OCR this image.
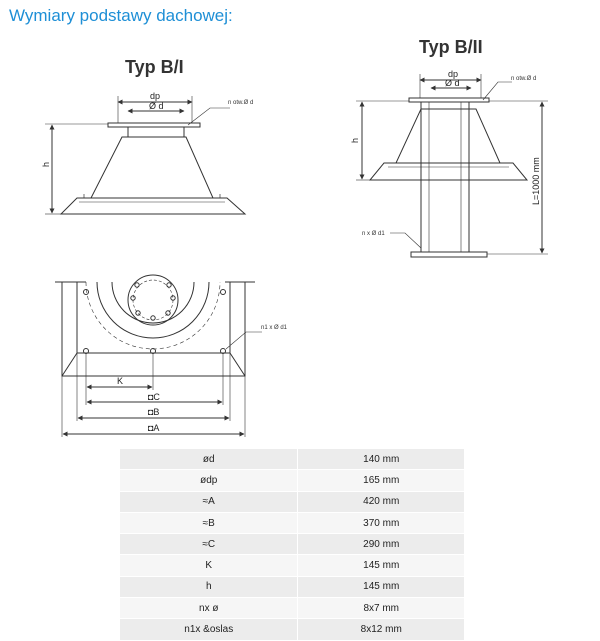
Wymiary podstawy dachowej:
Typ B/I
dp
Ø d
h
n otw.Ø d
n1 x Ø d1
K
◘C
◘B
◘A
Typ B/II
dp
Ø d	n otw.Ø d
h
L=1000 mm
n x Ø d1
ød	140 mm
ødp	165 mm
≈A	420 mm
≈B	370 mm
≈C	290 mm
K	145 mm
h	145 mm
nx ø	8x7 mm
n1x &oslas	8x12 mm
